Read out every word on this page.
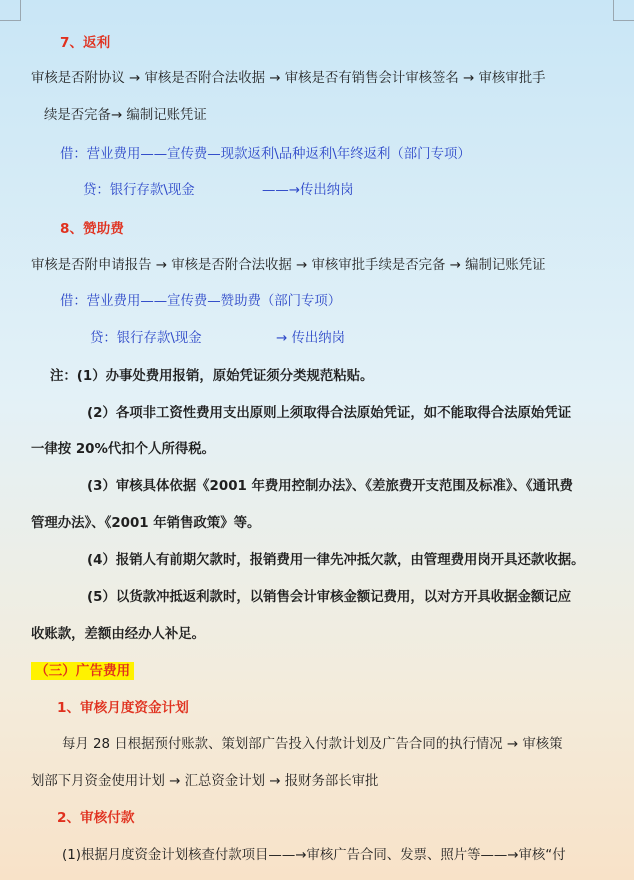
7、返利
审核是否附协议 → 审核是否附合法收据 → 审核是否有销售会计审核签名 → 审核审批手
续是否完备→ 编制记账凭证
借：营业费用——宣传费—现款返利\品种返利\年终返利（部门专项）
贷：银行存款\现金	——→传出纳岗
8、赞助费
审核是否附申请报告 → 审核是否附合法收据 → 审核审批手续是否完备 → 编制记账凭证
借：营业费用——宣传费—赞助费（部门专项）
贷：银行存款\现金	→ 传出纳岗
注：(1）办事处费用报销，原始凭证须分类规范粘贴。
(2）各项非工资性费用支出原则上须取得合法原始凭证，如不能取得合法原始凭证
一律按 20%代扣个人所得税。
(3）审核具体依据《2001 年费用控制办法》、《差旅费开支范围及标准》、《通讯费
管理办法》、《2001 年销售政策》等。
(4）报销人有前期欠款时，报销费用一律先冲抵欠款，由管理费用岗开具还款收据。
(5）以货款冲抵返利款时，以销售会计审核金额记费用，以对方开具收据金额记应
收账款，差额由经办人补足。
（三）广告费用
1、审核月度资金计划
每月 28 日根据预付账款、策划部广告投入付款计划及广告合同的执行情况 → 审核策
划部下月资金使用计划 → 汇总资金计划 → 报财务部长审批
2、审核付款
(1)根据月度资金计划核查付款项目——→审核广告合同、发票、照片等——→审核“付
